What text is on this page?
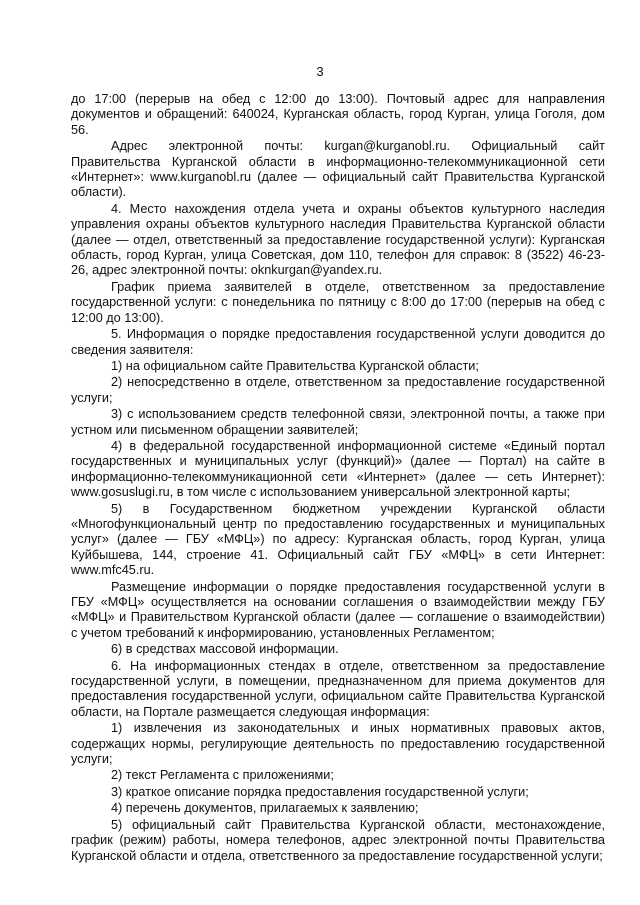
3

до 17:00 (перерыв на обед с 12:00 до 13:00). Почтовый адрес для направления документов и обращений: 640024, Курганская область, город Курган, улица Гоголя, дом 56.

Адрес электронной почты: kurgan@kurganobl.ru. Официальный сайт Правительства Курганской области в информационно-телекоммуникационной сети «Интернет»: www.kurganobl.ru (далее — официальный сайт Правительства Курганской области).

4. Место нахождения отдела учета и охраны объектов культурного наследия управления охраны объектов культурного наследия Правительства Курганской области (далее — отдел, ответственный за предоставление государственной услуги): Курганская область, город Курган, улица Советская, дом 110, телефон для справок: 8 (3522) 46-23-26, адрес электронной почты: oknkurgan@yandex.ru.

График приема заявителей в отделе, ответственном за предоставление государственной услуги: с понедельника по пятницу с 8:00 до 17:00 (перерыв на обед с 12:00 до 13:00).

5. Информация о порядке предоставления государственной услуги доводится до сведения заявителя:

1) на официальном сайте Правительства Курганской области;

2) непосредственно в отделе, ответственном за предоставление государственной услуги;

3) с использованием средств телефонной связи, электронной почты, а также при устном или письменном обращении заявителей;

4) в федеральной государственной информационной системе «Единый портал государственных и муниципальных услуг (функций)» (далее — Портал) на сайте в информационно-телекоммуникационной сети «Интернет» (далее — сеть Интернет): www.gosuslugi.ru, в том числе с использованием универсальной электронной карты;

5) в Государственном бюджетном учреждении Курганской области «Многофункциональный центр по предоставлению государственных и муниципальных услуг» (далее — ГБУ «МФЦ») по адресу: Курганская область, город Курган, улица Куйбышева, 144, строение 41. Официальный сайт ГБУ «МФЦ» в сети Интернет: www.mfc45.ru.

Размещение информации о порядке предоставления государственной услуги в ГБУ «МФЦ» осуществляется на основании соглашения о взаимодействии между ГБУ «МФЦ» и Правительством Курганской области (далее — соглашение о взаимодействии) с учетом требований к информированию, установленных Регламентом;

6) в средствах массовой информации.

6. На информационных стендах в отделе, ответственном за предоставление государственной услуги, в помещении, предназначенном для приема документов для предоставления государственной услуги, официальном сайте Правительства Курганской области, на Портале размещается следующая информация:

1) извлечения из законодательных и иных нормативных правовых актов, содержащих нормы, регулирующие деятельность по предоставлению государственной услуги;

2) текст Регламента с приложениями;

3) краткое описание порядка предоставления государственной услуги;

4) перечень документов, прилагаемых к заявлению;

5) официальный сайт Правительства Курганской области, местонахождение, график (режим) работы, номера телефонов, адрес электронной почты Правительства Курганской области и отдела, ответственного за предоставление государственной услуги;
